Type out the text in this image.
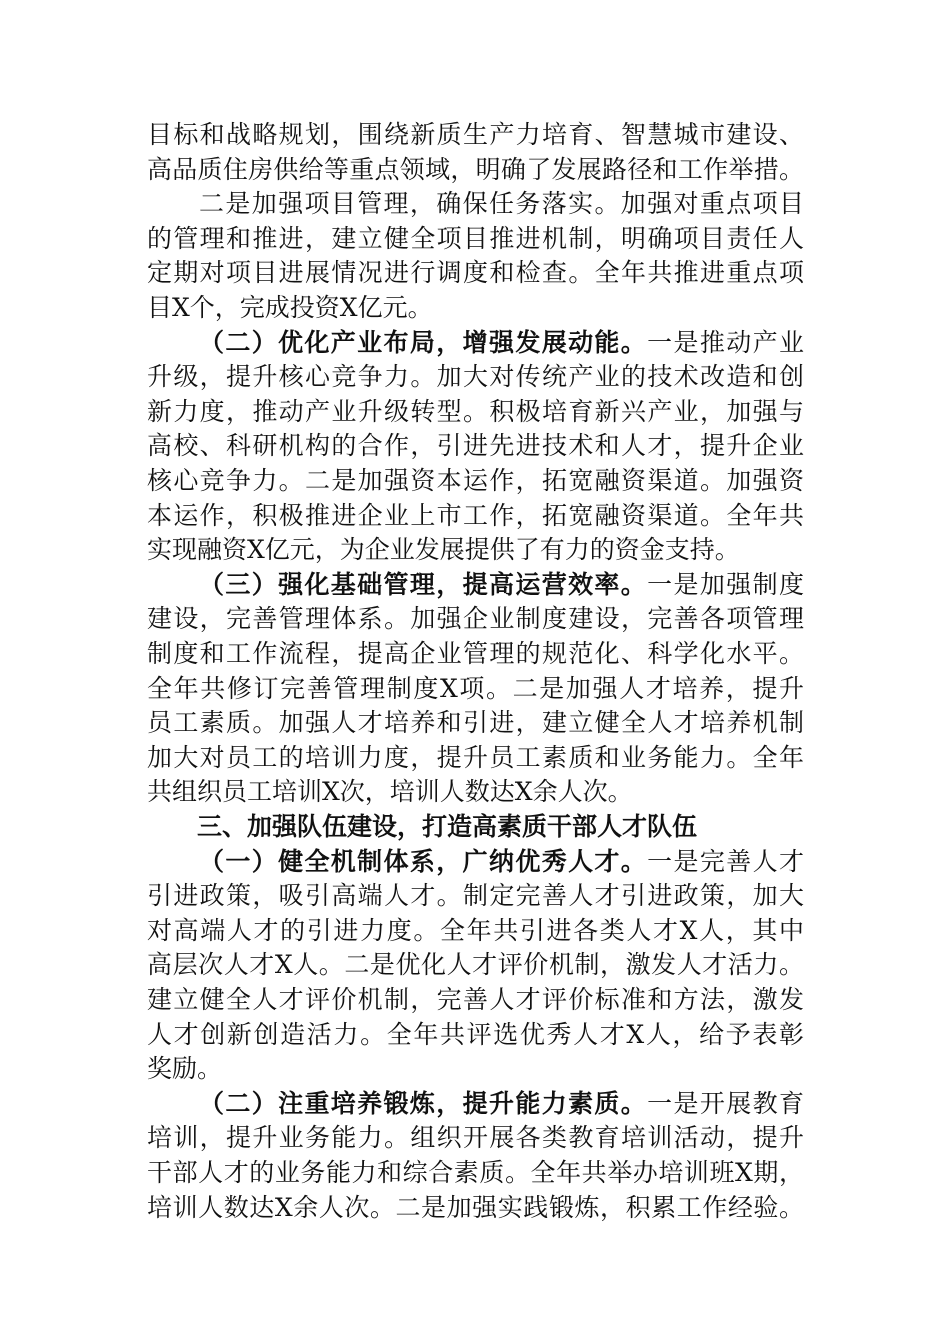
目标和战略规划，围绕新质生产力培育、智慧城市建设、
高品质住房供给等重点领域，明确了发展路径和工作举措。
二是加强项目管理，确保任务落实。加强对重点项目
的管理和推进，建立健全项目推进机制，明确项目责任人
定期对项目进展情况进行调度和检查。全年共推进重点项
目X个，完成投资X亿元。
（二）优化产业布局，增强发展动能。一是推动产业
升级，提升核心竞争力。加大对传统产业的技术改造和创
新力度，推动产业升级转型。积极培育新兴产业，加强与
高校、科研机构的合作，引进先进技术和人才，提升企业
核心竞争力。二是加强资本运作，拓宽融资渠道。加强资
本运作，积极推进企业上市工作，拓宽融资渠道。全年共
实现融资X亿元，为企业发展提供了有力的资金支持。
（三）强化基础管理，提高运营效率。一是加强制度
建设，完善管理体系。加强企业制度建设，完善各项管理
制度和工作流程，提高企业管理的规范化、科学化水平。
全年共修订完善管理制度X项。二是加强人才培养，提升
员工素质。加强人才培养和引进，建立健全人才培养机制
加大对员工的培训力度，提升员工素质和业务能力。全年
共组织员工培训X次，培训人数达X余人次。
三、加强队伍建设，打造高素质干部人才队伍
（一）健全机制体系，广纳优秀人才。一是完善人才
引进政策，吸引高端人才。制定完善人才引进政策，加大
对高端人才的引进力度。全年共引进各类人才X人，其中
高层次人才X人。二是优化人才评价机制，激发人才活力。
建立健全人才评价机制，完善人才评价标准和方法，激发
人才创新创造活力。全年共评选优秀人才X人，给予表彰
奖励。
（二）注重培养锻炼，提升能力素质。一是开展教育
培训，提升业务能力。组织开展各类教育培训活动，提升
干部人才的业务能力和综合素质。全年共举办培训班X期，
培训人数达X余人次。二是加强实践锻炼，积累工作经验。
